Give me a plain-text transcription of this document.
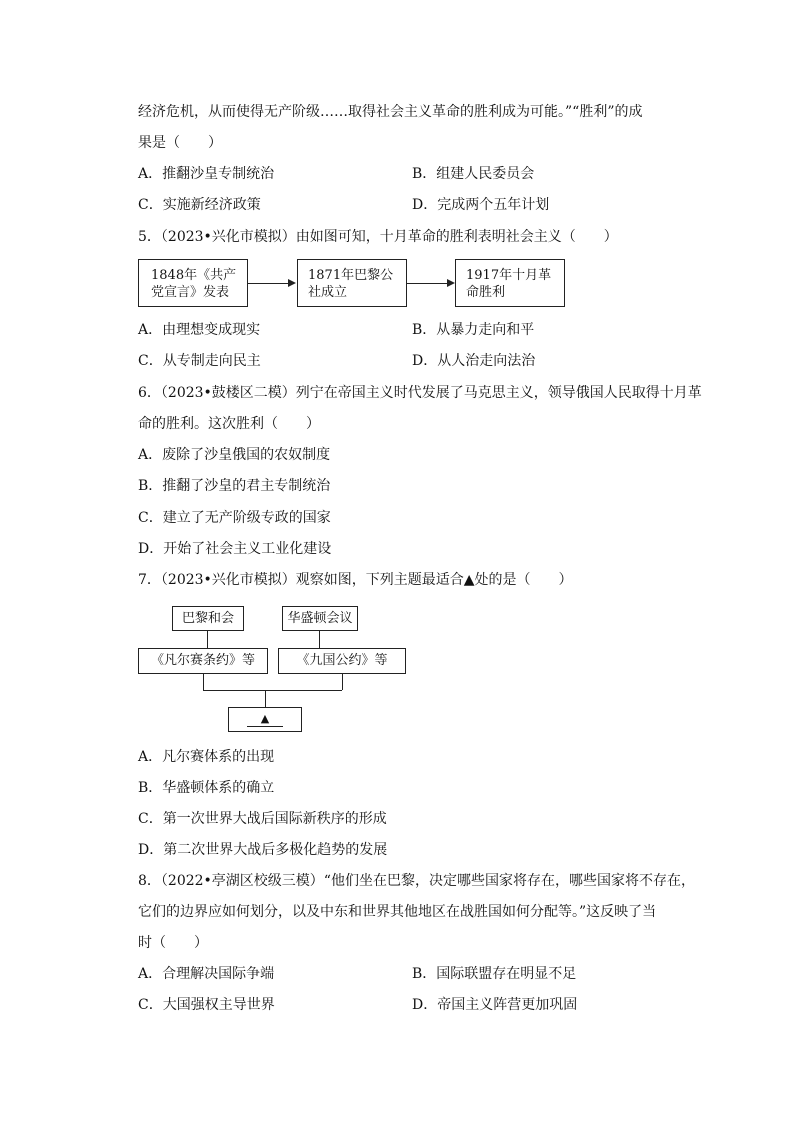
经济危机，从而使得无产阶级……取得社会主义革命的胜利成为可能。”“胜利”的成
果是（　　）
A．推翻沙皇专制统治	B．组建人民委员会
C．实施新经济政策	D．完成两个五年计划
5．（2023•兴化市模拟）由如图可知，十月革命的胜利表明社会主义（　　）
1848年《共产
党宣言》发表
1871年巴黎公
社成立
1917年十月革
命胜利
A．由理想变成现实	B．从暴力走向和平
C．从专制走向民主	D．从人治走向法治
6．（2023•鼓楼区二模）列宁在帝国主义时代发展了马克思主义，领导俄国人民取得十月革
命的胜利。这次胜利（　　）
A．废除了沙皇俄国的农奴制度
B．推翻了沙皇的君主专制统治
C．建立了无产阶级专政的国家
D．开始了社会主义工业化建设
7．（2023•兴化市模拟）观察如图，下列主题最适合▲处的是（　　）
巴黎和会	华盛顿会议
《凡尔赛条约》等	《九国公约》等
▲
A．凡尔赛体系的出现
B．华盛顿体系的确立
C．第一次世界大战后国际新秩序的形成
D．第二次世界大战后多极化趋势的发展
8．（2022•亭湖区校级三模）“他们坐在巴黎，决定哪些国家将存在，哪些国家将不存在，
它们的边界应如何划分，以及中东和世界其他地区在战胜国如何分配等。”这反映了当
时（　　）
A．合理解决国际争端	B．国际联盟存在明显不足
C．大国强权主导世界	D．帝国主义阵营更加巩固
